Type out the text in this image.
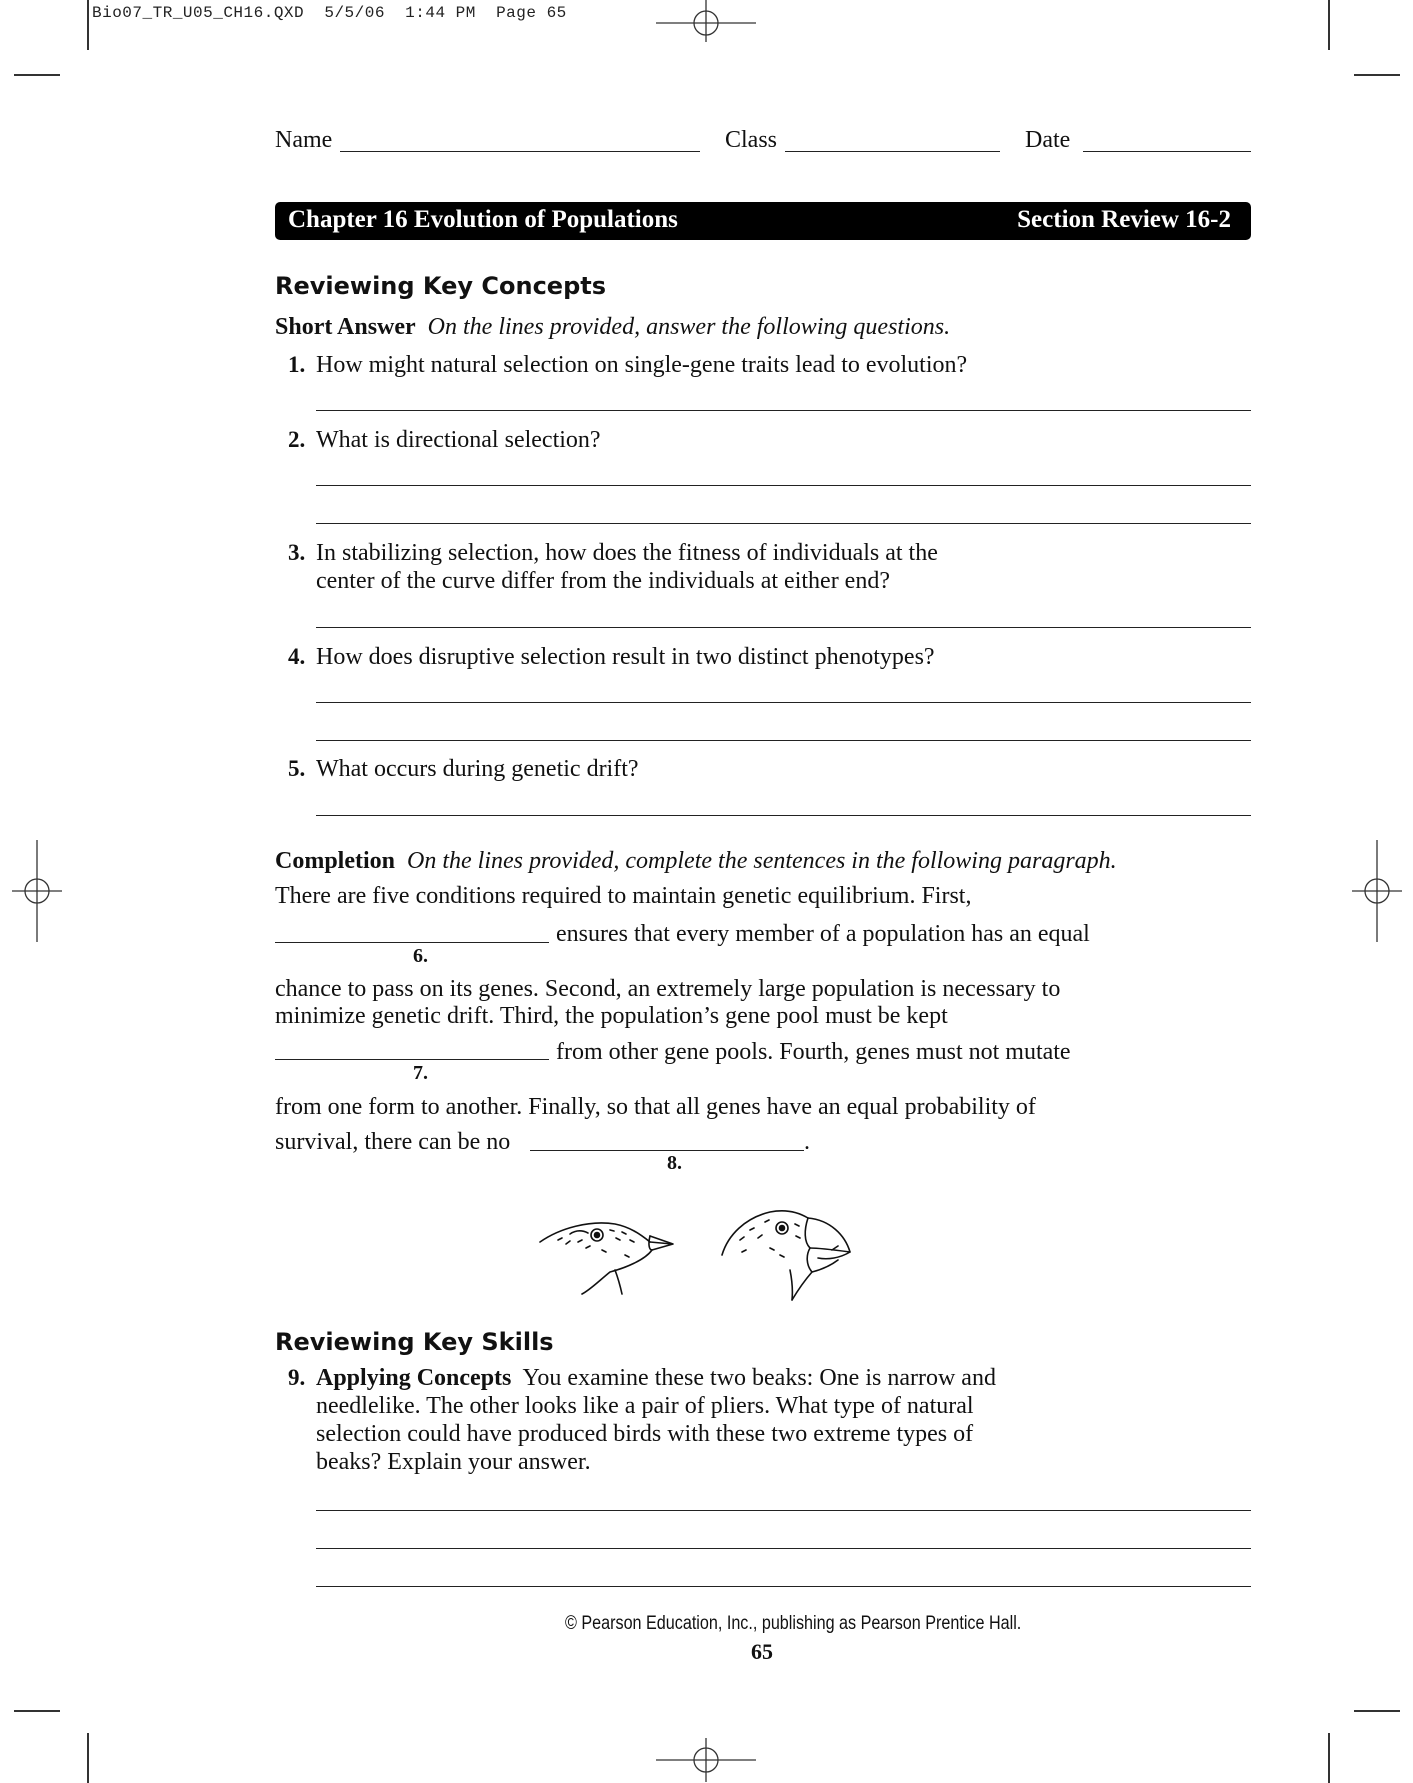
Bio07_TR_U05_CH16.QXD  5/5/06  1:44 PM  Page 65
Name	Class	Date
Chapter 16 Evolution of Populations	Section Review 16-2
Reviewing Key Concepts
Short Answer On the lines provided, answer the following questions.
1. How might natural selection on single-gene traits lead to evolution?
2. What is directional selection?
3. In stabilizing selection, how does the fitness of individuals at the
center of the curve differ from the individuals at either end?
4. How does disruptive selection result in two distinct phenotypes?
5. What occurs during genetic drift?
Completion On the lines provided, complete the sentences in the following paragraph.
There are five conditions required to maintain genetic equilibrium. First,
ensures that every member of a population has an equal
6.
chance to pass on its genes. Second, an extremely large population is necessary to
minimize genetic drift. Third, the population’s gene pool must be kept
from other gene pools. Fourth, genes must not mutate
7.
from one form to another. Finally, so that all genes have an equal probability of
survival, there can be no	.
8.
Reviewing Key Skills
9. Applying Concepts You examine these two beaks: One is narrow and
needlelike. The other looks like a pair of pliers. What type of natural
selection could have produced birds with these two extreme types of
beaks? Explain your answer.
© Pearson Education, Inc., publishing as Pearson Prentice Hall.
65
